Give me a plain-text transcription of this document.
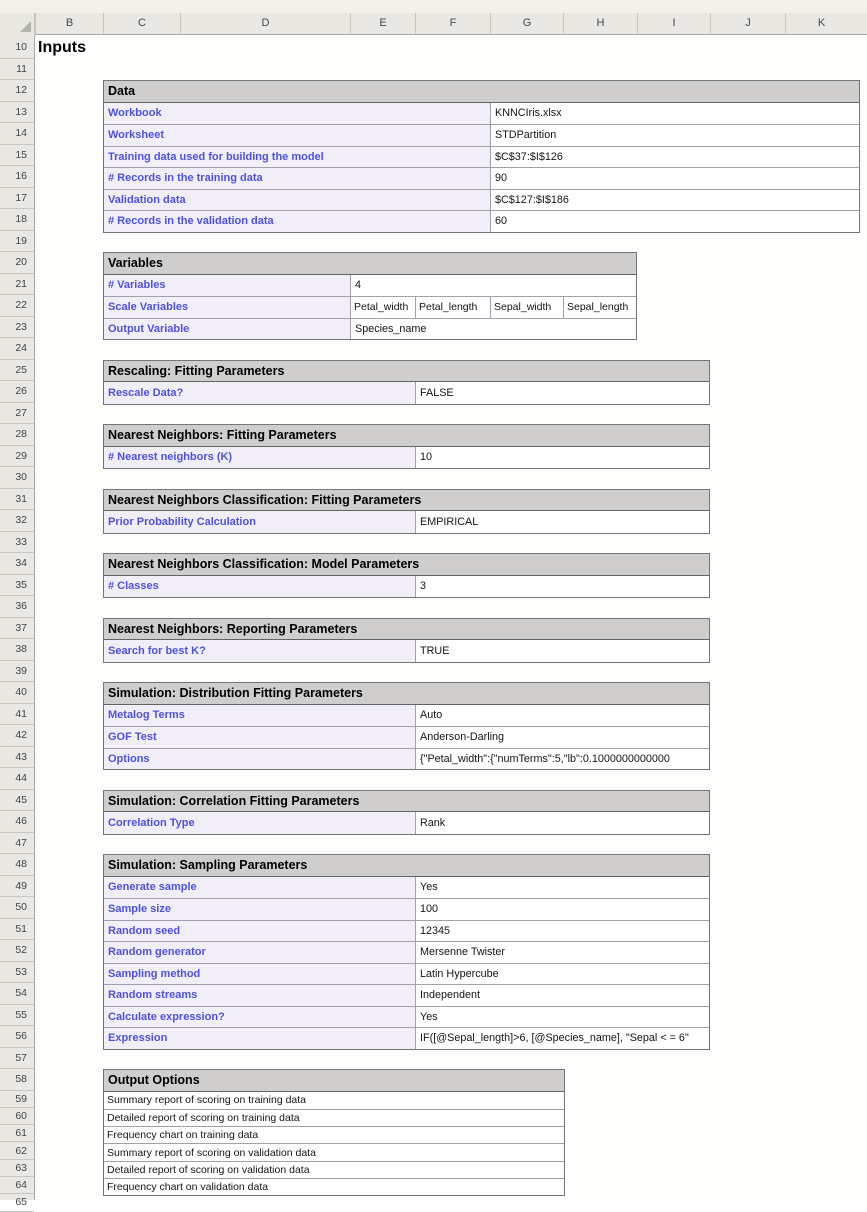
B	C	D	E	F	G	H	I	J	K
10
11
12
13
14
15
16
17
18
19
20
21
22
23
24
25
26
27
28
29
30
31
32
33
34
35
36
37
38
39
40
41
42
43
44
45
46
47
48
49
50
51
52
53
54
55
56
57
58
59
60
61
62
63
64
65
Inputs
Data
Workbook	KNNCIris.xlsx
Worksheet	STDPartition
Training data used for building the model	$C$37:$I$126
# Records in the training data	90
Validation data	$C$127:$I$186
# Records in the validation data	60
Variables
# Variables	4
Scale Variables	Petal_width	Petal_length	Sepal_width	Sepal_length
Output Variable	Species_name
Rescaling: Fitting Parameters
Rescale Data?	FALSE
Nearest Neighbors: Fitting Parameters
# Nearest neighbors (K)	10
Nearest Neighbors Classification: Fitting Parameters
Prior Probability Calculation	EMPIRICAL
Nearest Neighbors Classification: Model Parameters
# Classes	3
Nearest Neighbors: Reporting Parameters
Search for best K?	TRUE
Simulation: Distribution Fitting Parameters
Metalog Terms	Auto
GOF Test	Anderson-Darling
Options	{"Petal_width":{"numTerms":5,"lb":0.1000000000000
Simulation: Correlation Fitting Parameters
Correlation Type	Rank
Simulation: Sampling Parameters
Generate sample	Yes
Sample size	100
Random seed	12345
Random generator	Mersenne Twister
Sampling method	Latin Hypercube
Random streams	Independent
Calculate expression?	Yes
Expression	IF([@Sepal_length]>6, [@Species_name], "Sepal < = 6"
Output Options
Summary report of scoring on training data
Detailed report of scoring on training data
Frequency chart on training data
Summary report of scoring on validation data
Detailed report of scoring on validation data
Frequency chart on validation data
